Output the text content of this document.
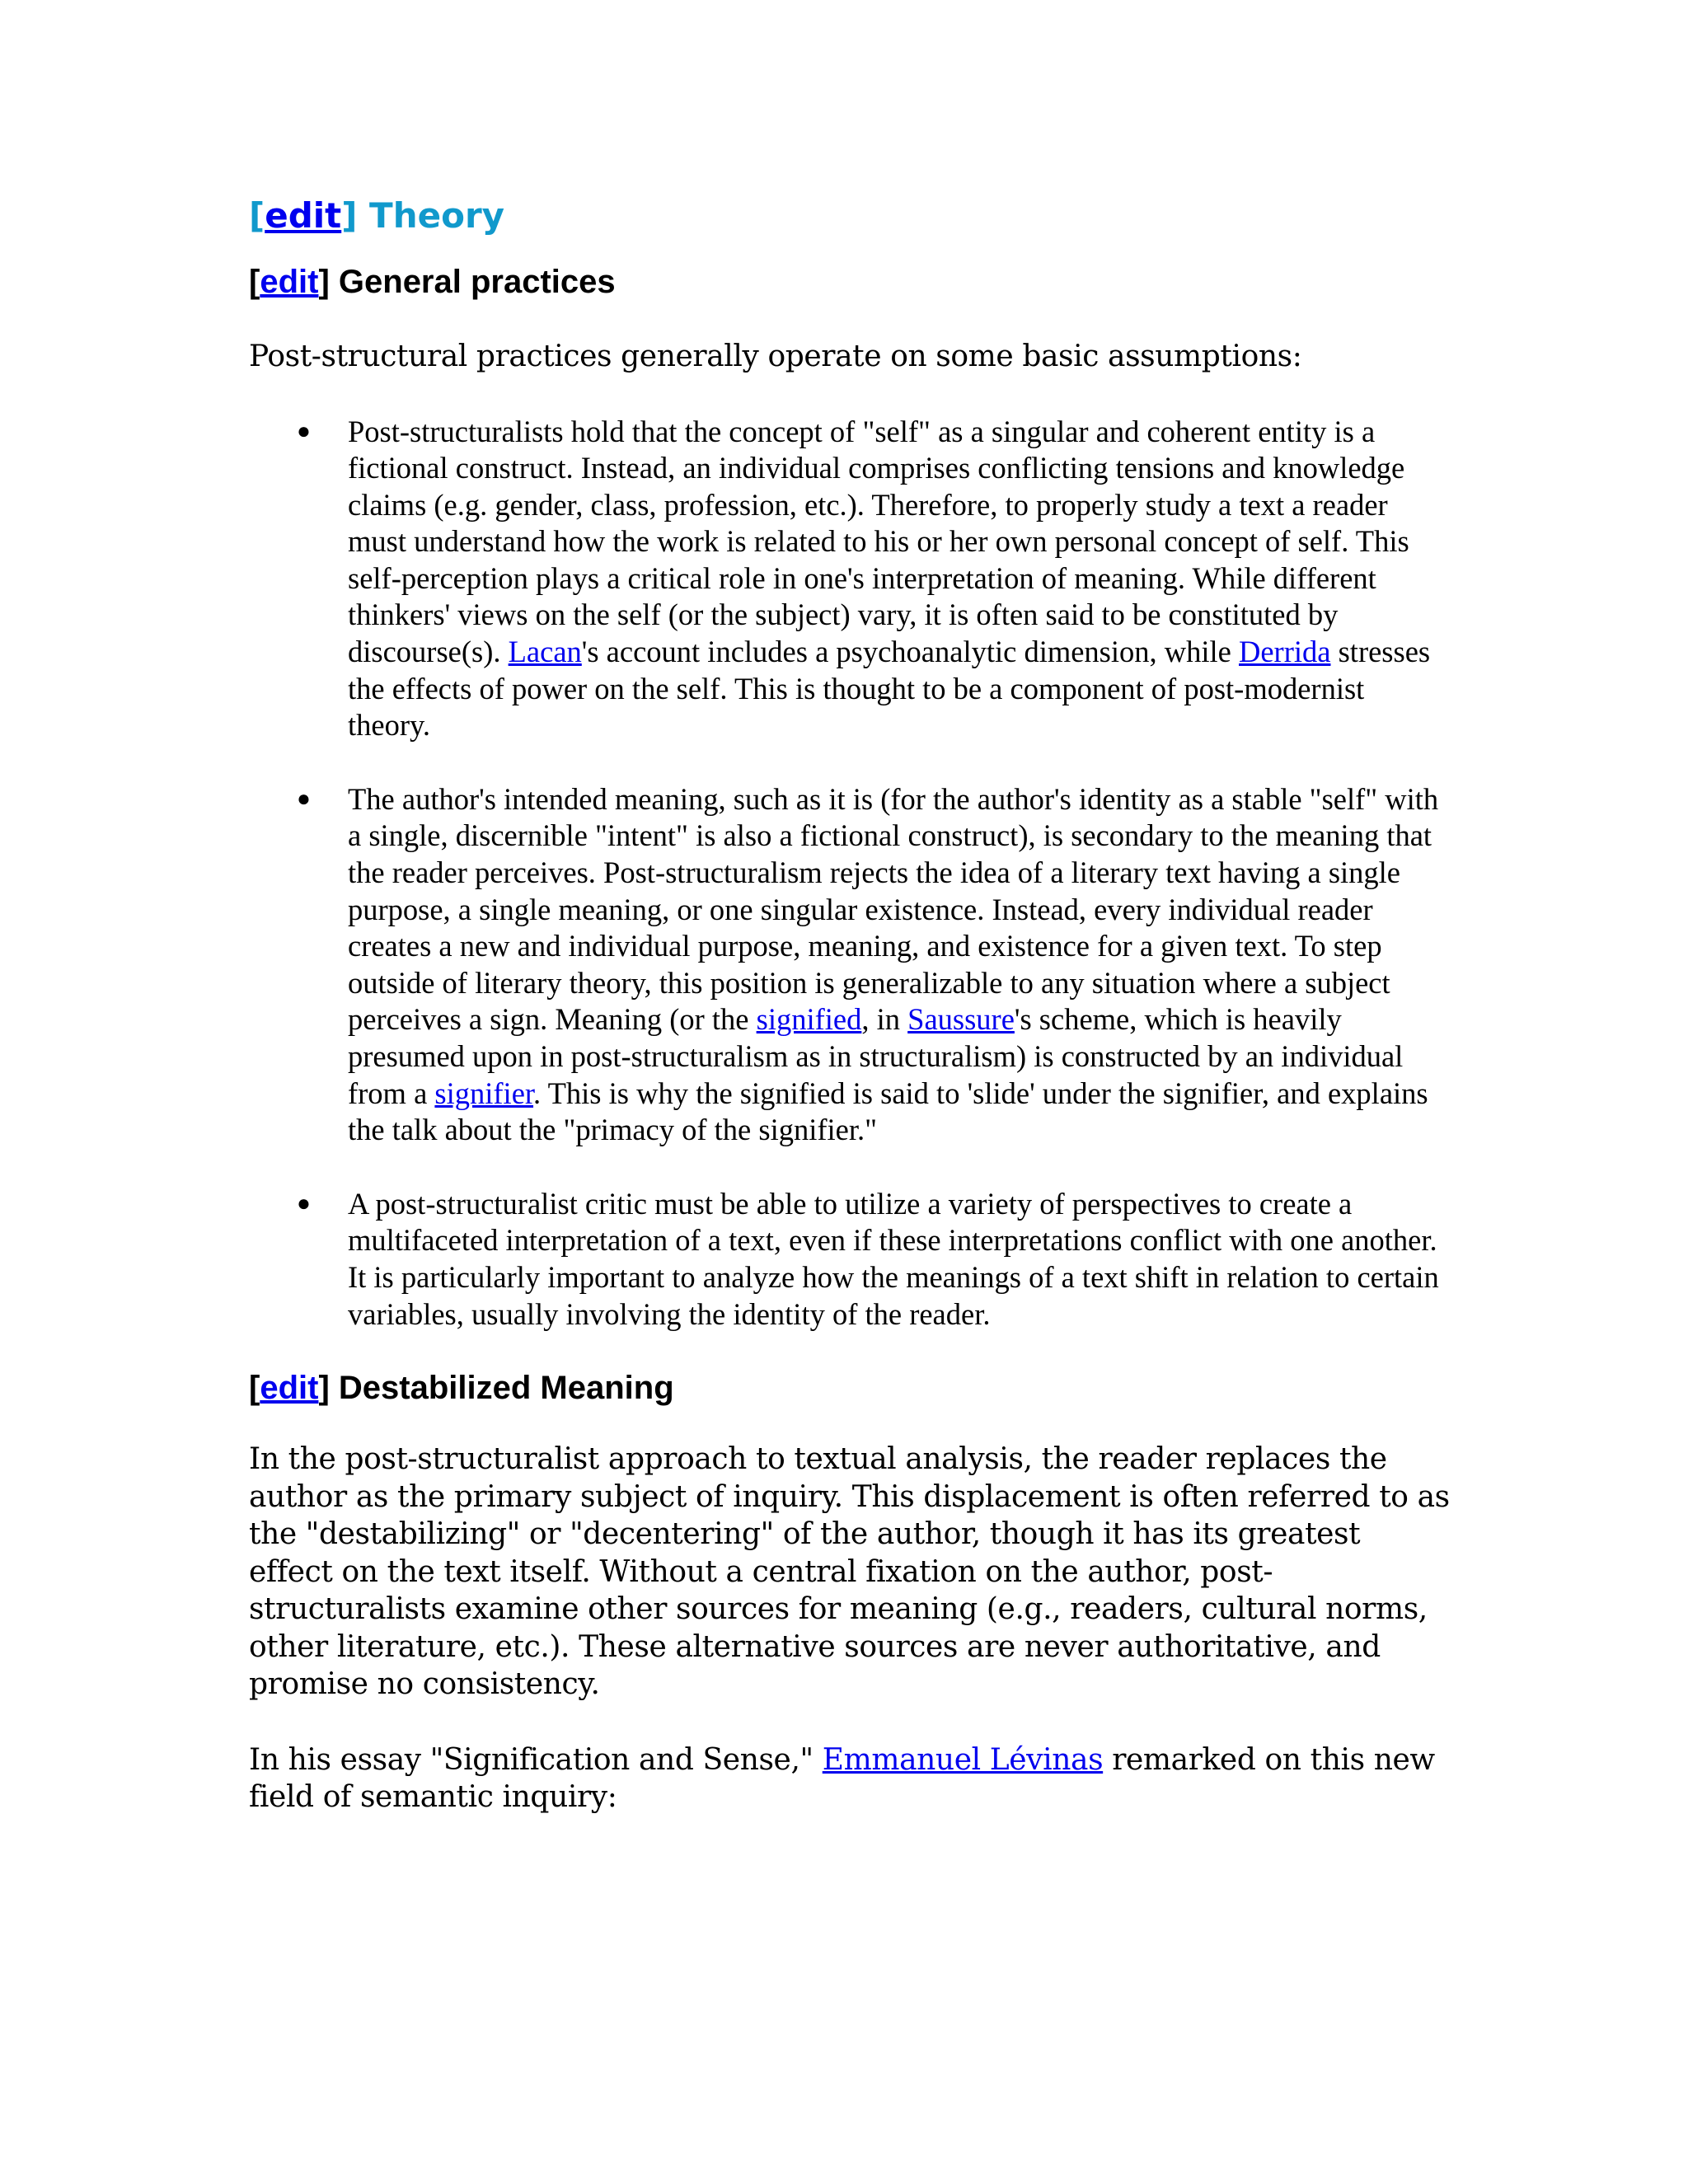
[edit] Theory
[edit] General practices

Post-structural practices generally operate on some basic assumptions:

● Post-structuralists hold that the concept of "self" as a singular and coherent entity is a fictional construct. Instead, an individual comprises conflicting tensions and knowledge claims (e.g. gender, class, profession, etc.). Therefore, to properly study a text a reader must understand how the work is related to his or her own personal concept of self. This self-perception plays a critical role in one's interpretation of meaning. While different thinkers' views on the self (or the subject) vary, it is often said to be constituted by discourse(s). Lacan's account includes a psychoanalytic dimension, while Derrida stresses the effects of power on the self. This is thought to be a component of post-modernist theory.
● The author's intended meaning, such as it is (for the author's identity as a stable "self" with a single, discernible "intent" is also a fictional construct), is secondary to the meaning that the reader perceives. Post-structuralism rejects the idea of a literary text having a single purpose, a single meaning, or one singular existence. Instead, every individual reader creates a new and individual purpose, meaning, and existence for a given text. To step outside of literary theory, this position is generalizable to any situation where a subject perceives a sign. Meaning (or the signified, in Saussure's scheme, which is heavily presumed upon in post-structuralism as in structuralism) is constructed by an individual from a signifier. This is why the signified is said to 'slide' under the signifier, and explains the talk about the "primacy of the signifier."
● A post-structuralist critic must be able to utilize a variety of perspectives to create a multifaceted interpretation of a text, even if these interpretations conflict with one another. It is particularly important to analyze how the meanings of a text shift in relation to certain variables, usually involving the identity of the reader.
[edit] Destabilized Meaning

In the post-structuralist approach to textual analysis, the reader replaces the author as the primary subject of inquiry. This displacement is often referred to as the "destabilizing" or "decentering" of the author, though it has its greatest effect on the text itself. Without a central fixation on the author, post-structuralists examine other sources for meaning (e.g., readers, cultural norms, other literature, etc.). These alternative sources are never authoritative, and promise no consistency.

In his essay "Signification and Sense," Emmanuel Lévinas remarked on this new field of semantic inquiry:
